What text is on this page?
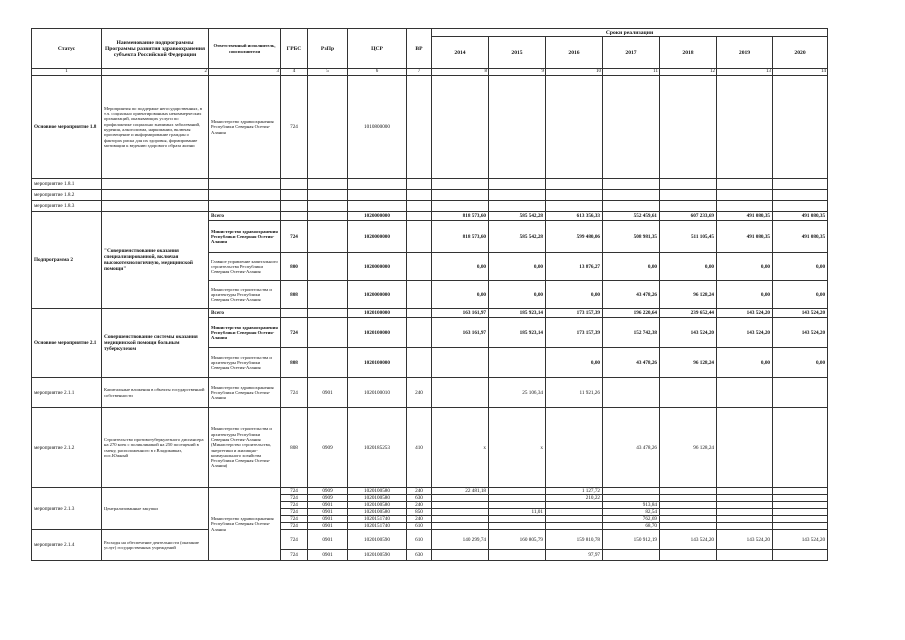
Статус	Наименование подпрограммы Программы развития здравоохранения субъекта Российской Федерации	Ответственный исполнитель, соисполнители	ГРБС	РзПр	ЦСР	ВР	Сроки реализации						
							2014	2015	2016	2017	2018	2019	2020
1	2	3	4	5	6	7	8	9	10	11	12	13	14
Основное мероприятие 1.8	Мероприятия по поддержке негосударственных, в т.ч. социально ориентированных некоммерческих организаций, оказывающих услуги по профилактике социально значимых заболеваний, курения, алкоголизма, наркомании, включая просвещение и информирование граждан о факторах риска для их здоровья, формирование мотивации к ведению здорового образа жизни	Министерство здравоохранения Республики Северная Осетия-Алания	724		1010800000								
мероприятие 1.8.1													
мероприятие 1.8.2													
мероприятие 1.8.3													
Подпрограмма 2	"Совершенствование оказания специализированной, включая высокотехнологичную, медицинской помощи"	Всего			1020000000		818 573,60	585 542,28	613 356,33	552 459,61	607 233,69	491 080,35	491 080,35
		Министерство здравоохранения Республики Северная Осетия-Алания	724		1020000000		818 573,60	585 542,28	599 480,06	508 981,35	511 105,45	491 080,35	491 080,35
		Главное управление капитального строительства Республики Северная Осетия-Алания	800		1020000000		0,00	0,00	13 876,27	0,00	0,00	0,00	0,00
		Министерство строительства и архитектуры Республики Северная Осетия-Алания	808		1020000000		0,00	0,00	0,00	43 478,26	96 128,24	0,00	0,00
Основное мероприятие 2.1	Совершенствование системы оказания медицинской помощи больным туберкулезом	Всего			1020100000		163 161,97	185 923,14	173 157,39	196 220,64	239 652,44	143 524,20	143 524,20
		Министерство здравоохранения Республики Северная Осетия-Алания	724		1020100000		163 161,97	185 923,14	173 157,39	152 742,38	143 524,20	143 524,20	143 524,20
		Министерство строительства и архитектуры Республики Северная Осетия-Алания	808		1020100000				0,00	43 478,26	96 128,24	0,00	0,00
мероприятие 2.1.1	Капитальные вложения в объекты государственной собственности	Министерство здравоохранения Республики Северная Осетия-Алания	724	0901	1020100010	240		25 106,34	11 921,26				
мероприятие 2.1.2	Строительство противотуберкулезного диспансера на 270 коек с поликлиникой на 250 посещений в смену, расположенного в г.Владикавказ, пос.Южный	Министерство строительства и архитектуры Республики Северная Осетия-Алания (Министерство строительства, энергетики и жилищно-коммунального хозяйства Республики Северная Осетия-Алания)	808	0909	1020185253	410	x	x		43 478,26	96 128,24		
мероприятие 2.1.3	Централизованные закупки	Министерство здравоохранения Республики Северная Осетия-Алания	724	0909	1020100580	240	22 481,18		1 127,72				
			724	0909	1020100580	630			210,22				
			724	0901	1020100580	240				913,84			
			724	0901	1020100580	850		11,01		82,54			
			724	0901	1020151740	240				762,69			
			724	0901	1020151740	610				68,70			
мероприятие 2.1.4	Расходы на обеспечение деятельности (оказание услуг) государственных учреждений		724	0901	1020100590	610	140 299,74	160 805,79	159 810,78	150 912,19	143 524,20	143 524,20	143 524,20
			724	0901	1020100590	630			97,97				
